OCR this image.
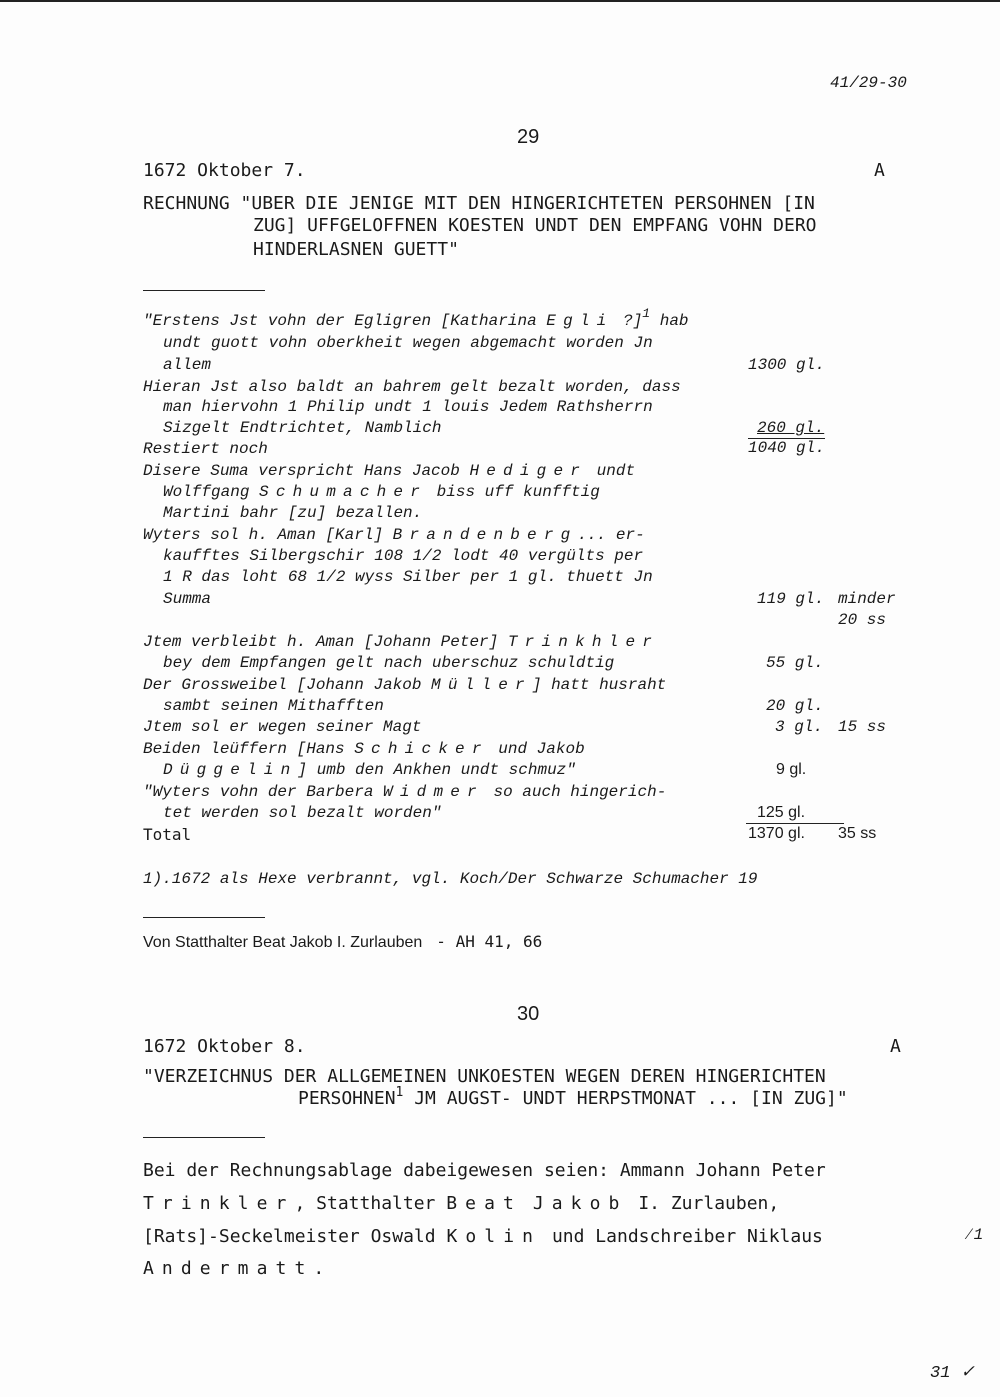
41/29-30
29
1672 Oktober 7.	A
RECHNUNG "UBER DIE JENIGE MIT DEN HINGERICHTETEN PERSOHNEN [IN
ZUG] UFFGELOFFNEN KOESTEN UNDT DEN EMPFANG VOHN DERO
HINDERLASNEN GUETT"
"Erstens Jst vohn der Egligren [Katharina Egli ?]$^1$ hab
undt guott vohn oberkheit wegen abgemacht worden Jn
allem	1300 gl.
Hieran Jst also baldt an bahrem gelt bezalt worden, dass
man hiervohn 1 Philip undt 1 louis Jedem Rathsherrn
Sizgelt Endtrichtet, Namblich	260 gl.
Restiert noch	1040 gl.
Disere Suma verspricht Hans Jacob Hediger undt
Wolffgang Schumacher biss uff kunfftig
Martini bahr [zu] bezallen.
Wyters sol h. Aman [Karl] Brandenberg... er-
kaufftes Silbergschir 108 1/2 lodt 40 vergülts per
1 R das loht 68 1/2 wyss Silber per 1 gl. thuett Jn
Summa	119 gl. minder
20 ss
Jtem verbleibt h. Aman [Johann Peter] Trinkhler
bey dem Empfangen gelt nach uberschuz schuldtig	55 gl.
Der Grossweibel [Johann Jakob Müller] hatt husraht
sambt seinen Mithafften	20 gl.
Jtem sol er wegen seiner Magt	3 gl. 15 ss
Beiden leüffern [Hans Schicker und Jakob
Düggelin] umb den Ankhen undt schmuz"	9 gl.
"Wyters vohn der Barbera Widmer so auch hingerich-
tet werden sol bezalt worden"	125 gl.
Total	1370 gl. 35 ss
1).1672 als Hexe verbrannt, vgl. Koch/Der Schwarze Schumacher 19
Von Statthalter Beat Jakob I. Zurlauben - AH 41, 66
30
1672 Oktober 8.	A
"VERZEICHNUS DER ALLGEMEINEN UNKOESTEN WEGEN DEREN HINGERICHTEN
PERSOHNEN$^1$ JM AUGST- UNDT HERPSTMONAT ... [IN ZUG]"
Bei der Rechnungsablage dabeigewesen seien: Ammann Johann Peter
Trinkler, Statthalter Beat Jakob I. Zurlauben,
[Rats]-Seckelmeister Oswald Kolin und Landschreiber Niklaus
Andermatt.
⁄1
31 ✓
